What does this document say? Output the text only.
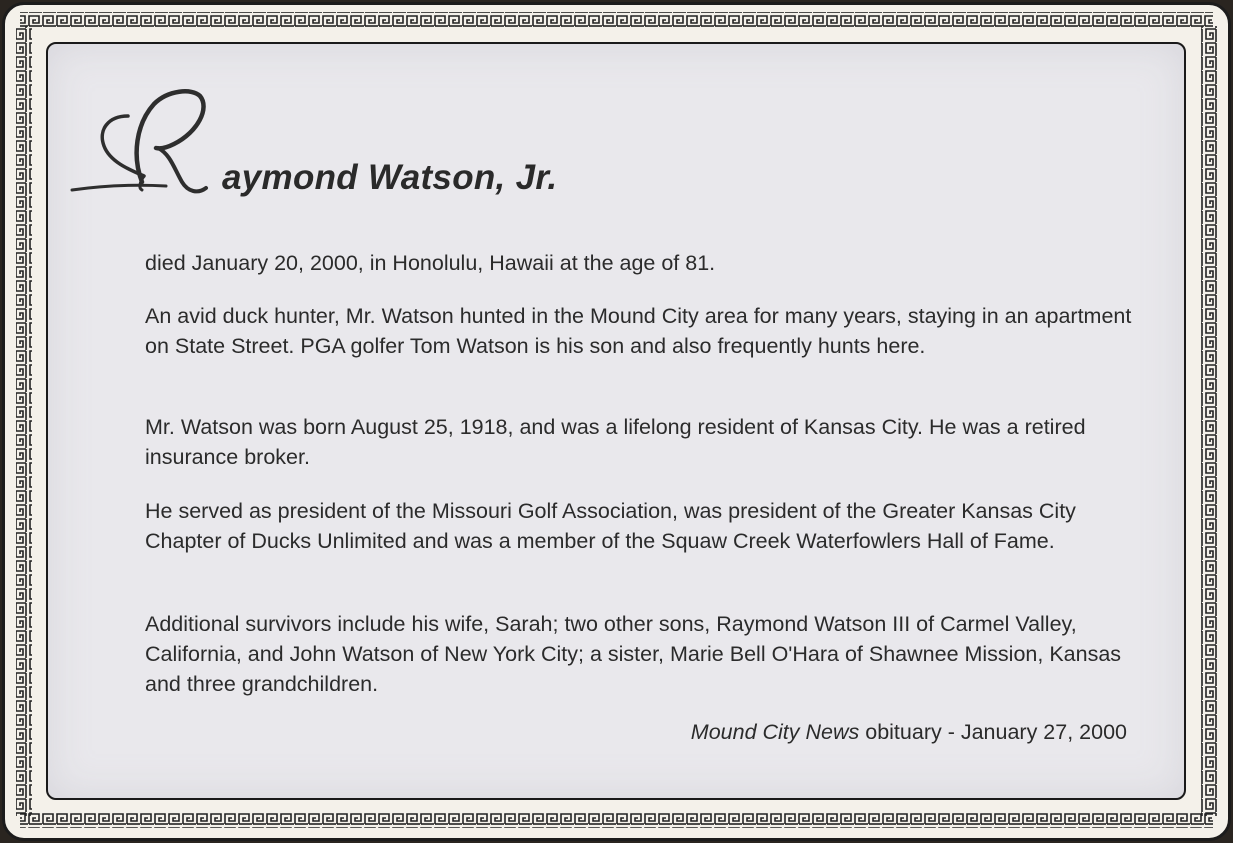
aymond Watson, Jr.
died January 20, 2000, in Honolulu, Hawaii at the age of 81.
An avid duck hunter, Mr. Watson hunted in the Mound City area for many years, staying in an apartment on State Street. PGA golfer Tom Watson is his son and also frequently hunts here.
Mr. Watson was born August 25, 1918, and was a lifelong resident of Kansas City. He was a retired insurance broker.
He served as president of the Missouri Golf Association, was president of the Greater Kansas City Chapter of Ducks Unlimited and was a member of the Squaw Creek Waterfowlers Hall of Fame.
Additional survivors include his wife, Sarah; two other sons, Raymond Watson III of Carmel Valley, California, and John Watson of New York City; a sister, Marie Bell O'Hara of Shawnee Mission, Kansas and three grandchildren.
Mound City News obituary - January 27, 2000
